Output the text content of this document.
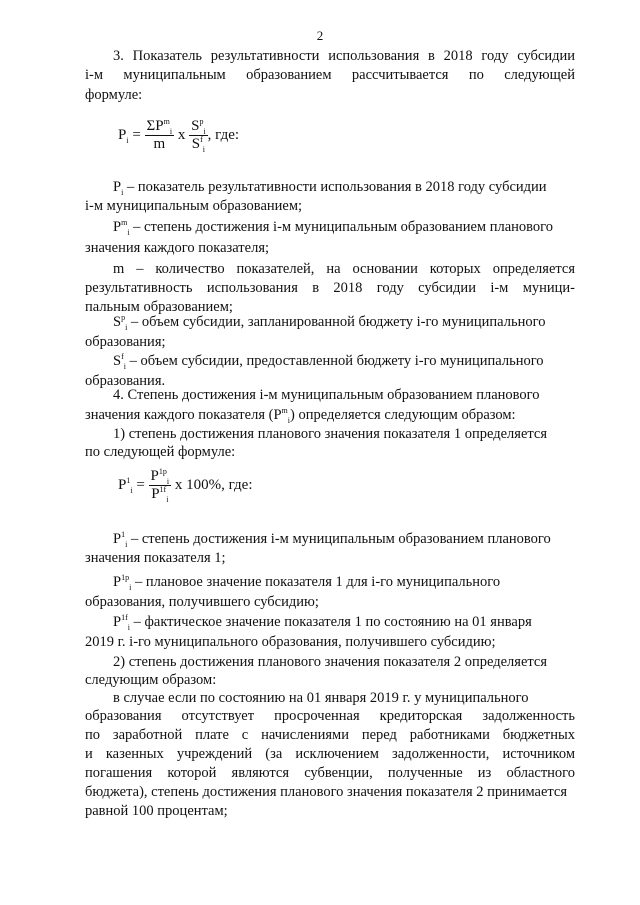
2
3. Показатель результативности использования в 2018 году субсидии
i-м муниципальным образованием рассчитывается по следующей
формуле:
$P_i = \frac{\Sigma P^m_i}{m}$ x $\frac{S^p_i}{S^f_i}$ , где:
$P_i$ – показатель результативности использования в 2018 году субсидии
i-м муниципальным образованием;
$P^m_i$ – степень достижения i-м муниципальным образованием планового
значения каждого показателя;
m – количество показателей, на основании которых определяется
результативность использования в 2018 году субсидии i-м муници-
пальным образованием;
$S^p_i$ – объем субсидии, запланированной бюджету i-го муниципального
образования;
$S^f_i$ – объем субсидии, предоставленной бюджету i-го муниципального
образования.
4. Степень достижения i-м муниципальным образованием планового
значения каждого показателя $(P^m_i)$ определяется следующим образом:
1) степень достижения планового значения показателя 1 определяется
по следующей формуле:
$P^1_i = \frac{P^{1p}_i}{P^{1f}_i}$ x 100%, где:
$P^1_i$ – степень достижения i-м муниципальным образованием планового
значения показателя 1;
$P^{1p}_i$ – плановое значение показателя 1 для i-го муниципального
образования, получившего субсидию;
$P^{1f}_i$ – фактическое значение показателя 1 по состоянию на 01 января
2019 г. i-го муниципального образования, получившего субсидию;
2) степень достижения планового значения показателя 2 определяется
следующим образом:
в случае если по состоянию на 01 января 2019 г. у муниципального
образования отсутствует просроченная кредиторская задолженность
по заработной плате с начислениями перед работниками бюджетных
и казенных учреждений (за исключением задолженности, источником
погашения которой являются субвенции, полученные из областного
бюджета), степень достижения планового значения показателя 2 принимается
равной 100 процентам;
